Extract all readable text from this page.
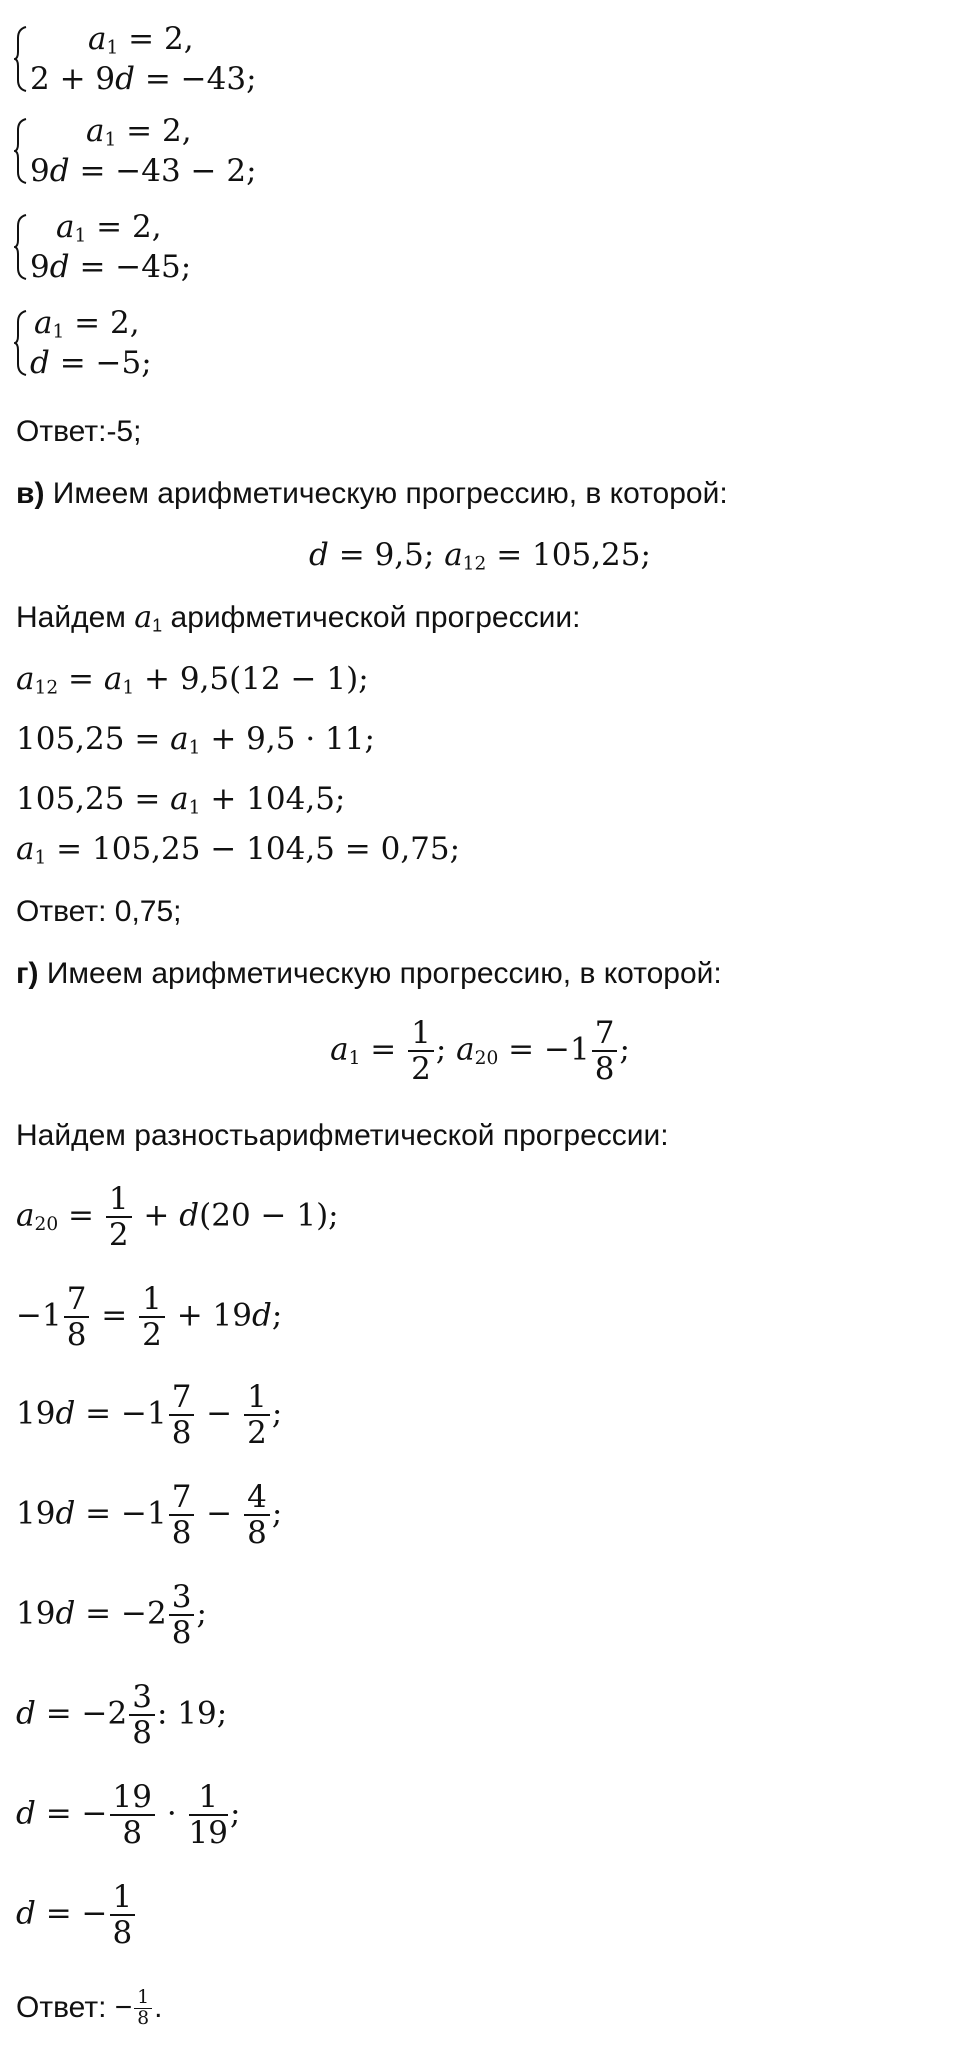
$a_1 = 2$,
2 + 9d = −43;
$a_1 = 2$,
9d = −43 − 2;
$a_1 = 2$,
9d = −45;
$a_1 = 2$,
d = −5;
Ответ:-5;
в) Имеем арифметическую прогрессию, в которой:
d = 9,5; $a_{12} = 105,25$;
Найдем $a_1$ арифметической прогрессии:
$a_{12} = a_1 + 9,5(12 - 1)$;
$105,25 = a_1 + 9,5 \cdot 11$;
$105,25 = a_1 + 104,5$;
$a_1 = 105,25 - 104,5 = 0,75$;
Ответ: 0,75;
г) Имеем арифметическую прогрессию, в которой:
$a_1 = \frac{1}{2}$ ; $a_{20} = -1 \frac{7}{8}$ ;
Найдем разностьарифметической прогрессии:
$a_{20} = \frac{1}{2} + d(20 - 1)$;
$-1 \frac{7}{8} = \frac{1}{2} + 19d$;
$19d = -1 \frac{7}{8} - \frac{1}{2}$ ;
$19d = -1 \frac{7}{8} - \frac{4}{8}$ ;
$19d = -2 \frac{3}{8}$ ;
$d = -2 \frac{3}{8}$ : 19;
d = − $\frac{19}{8} \cdot \frac{1}{19}$ ;
d = − $\frac{1}{8}$
Ответ: − $\frac{1}{8}$ .
